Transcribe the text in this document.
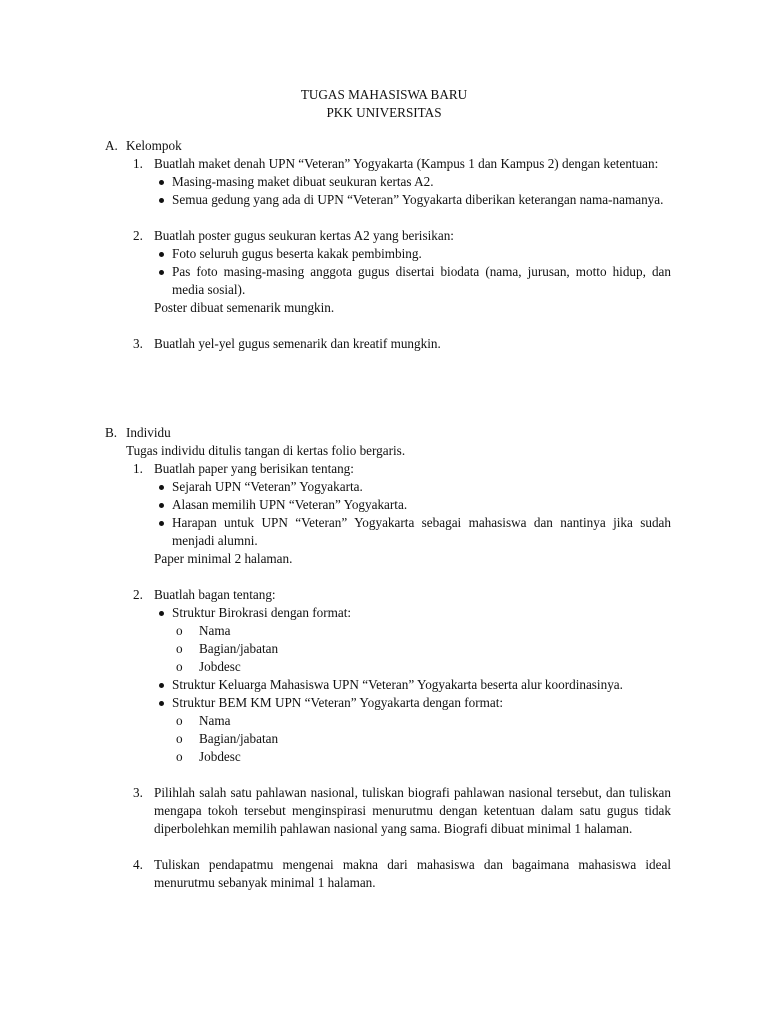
TUGAS MAHASISWA BARU
PKK UNIVERSITAS
A. Kelompok
1. Buatlah maket denah UPN “Veteran” Yogyakarta (Kampus 1 dan Kampus 2) dengan ketentuan:
Masing-masing maket dibuat seukuran kertas A2.
Semua gedung yang ada di UPN “Veteran” Yogyakarta diberikan keterangan nama-namanya.
2. Buatlah poster gugus seukuran kertas A2 yang berisikan:
Foto seluruh gugus beserta kakak pembimbing.
Pas foto masing-masing anggota gugus disertai biodata (nama, jurusan, motto hidup, dan media sosial).
Poster dibuat semenarik mungkin.
3. Buatlah yel-yel gugus semenarik dan kreatif mungkin.
B. Individu
Tugas individu ditulis tangan di kertas folio bergaris.
1. Buatlah paper yang berisikan tentang:
Sejarah UPN “Veteran” Yogyakarta.
Alasan memilih UPN “Veteran” Yogyakarta.
Harapan untuk UPN “Veteran” Yogyakarta sebagai mahasiswa dan nantinya jika sudah menjadi alumni.
Paper minimal 2 halaman.
2. Buatlah bagan tentang:
Struktur Birokrasi dengan format:
o Nama
o Bagian/jabatan
o Jobdesc
Struktur Keluarga Mahasiswa UPN “Veteran” Yogyakarta beserta alur koordinasinya.
Struktur BEM KM UPN “Veteran” Yogyakarta dengan format:
o Nama
o Bagian/jabatan
o Jobdesc
3. Pilihlah salah satu pahlawan nasional, tuliskan biografi pahlawan nasional tersebut, dan tuliskan mengapa tokoh tersebut menginspirasi menurutmu dengan ketentuan dalam satu gugus tidak diperbolehkan memilih pahlawan nasional yang sama. Biografi dibuat minimal 1 halaman.
4. Tuliskan pendapatmu mengenai makna dari mahasiswa dan bagaimana mahasiswa ideal menurutmu sebanyak minimal 1 halaman.
